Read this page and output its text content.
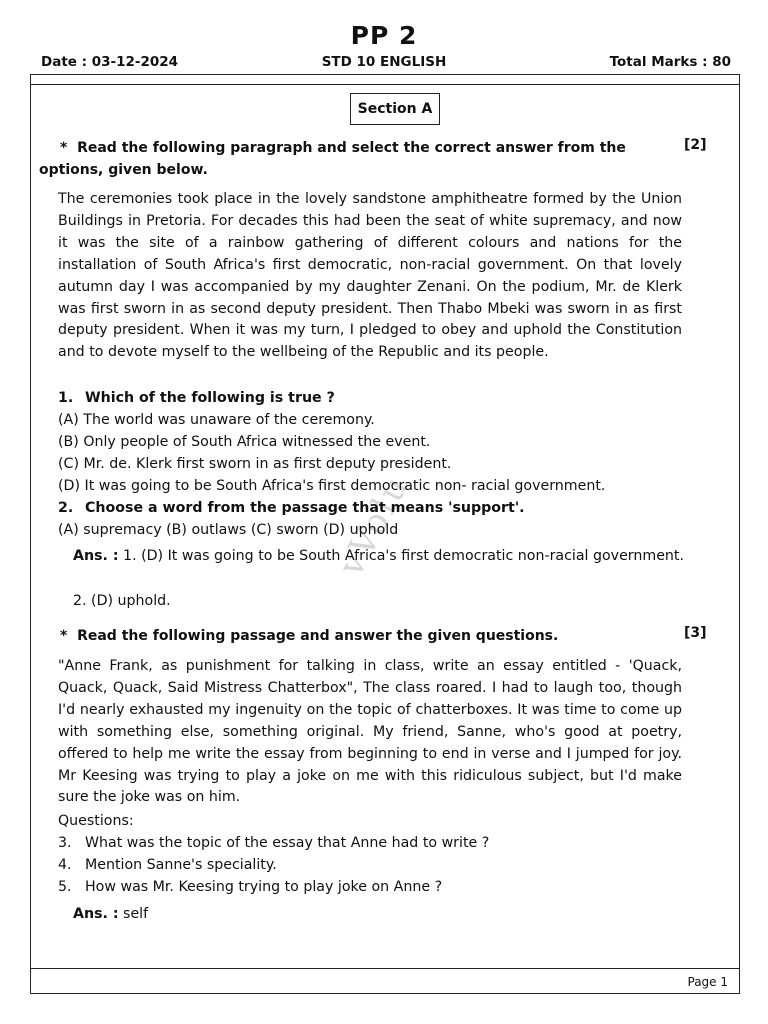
PP 2
Date : 03-12-2024	STD 10 ENGLISH	Total Marks : 80
vVolu
Section A
* Read the following paragraph and select the correct answer from the
options, given below.
[2]
The ceremonies took place in the lovely sandstone amphitheatre formed by the Union Buildings in Pretoria. For decades this had been the seat of white supremacy, and now it was the site of a rainbow gathering of different colours and nations for the installation of South Africa's first democratic, non-racial government. On that lovely autumn day I was accompanied by my daughter Zenani. On the podium, Mr. de Klerk was first sworn in as second deputy president. Then Thabo Mbeki was sworn in as first deputy president. When it was my turn, I pledged to obey and uphold the Constitution and to devote myself to the wellbeing of the Republic and its people.
1. Which of the following is true ?
(A) The world was unaware of the ceremony.
(B) Only people of South Africa witnessed the event.
(C) Mr. de. Klerk first sworn in as first deputy president.
(D) It was going to be South Africa's first democratic non- racial government.
2. Choose a word from the passage that means 'support'.
(A) supremacy (B) outlaws (C) sworn (D) uphold
Ans. : 1. (D) It was going to be South Africa's first democratic non-racial government.
2. (D) uphold.
* Read the following passage and answer the given questions.	[3]
"Anne Frank, as punishment for talking in class, write an essay entitled - 'Quack, Quack, Quack, Said Mistress Chatterbox", The class roared. I had to laugh too, though I'd nearly exhausted my ingenuity on the topic of chatterboxes. It was time to come up with something else, something original. My friend, Sanne, who's good at poetry, offered to help me write the essay from beginning to end in verse and I jumped for joy. Mr Keesing was trying to play a joke on me with this ridiculous subject, but I'd make sure the joke was on him.
Questions:
3. What was the topic of the essay that Anne had to write ?
4. Mention Sanne's speciality.
5. How was Mr. Keesing trying to play joke on Anne ?
Ans. : self
Page 1
